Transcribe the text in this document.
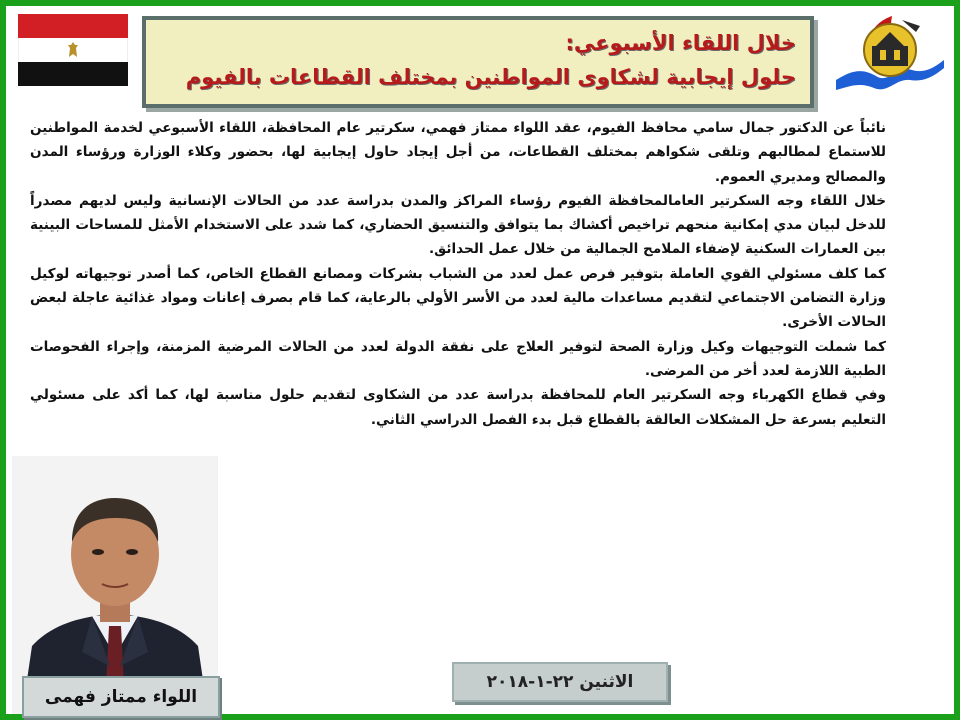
خلال اللقاء الأسبوعي:
حلول إيجابية لشكاوى المواطنين بمختلف القطاعات بالفيوم

نائباً عن الدكتور جمال سامي محافظ الفيوم، عقد اللواء ممتاز فهمي، سكرتير عام المحافظة، اللقاء الأسبوعي لخدمة المواطنين للاستماع لمطالبهم وتلقى شكواهم بمختلف القطاعات، من أجل إيجاد حاول إيجابية لها، بحضور وكلاء الوزارة ورؤساء المدن والمصالح ومديري العموم.

خلال اللقاء وجه السكرتير العامالمحافظة الفيوم رؤساء المراكز والمدن بدراسة عدد من الحالات الإنسانية وليس لديهم مصدراً للدخل لبيان مدي إمكانية منحهم تراخيص أكشاك بما يتوافق والتنسيق الحضاري، كما شدد على الاستخدام الأمثل للمساحات البينية بين العمارات السكنية لإضفاء الملامح الجمالية من خلال عمل الحدائق.

كما كلف مسئولي القوي العاملة بتوفير فرص عمل لعدد من الشباب بشركات ومصانع القطاع الخاص، كما أصدر توجيهاته لوكيل وزارة التضامن الاجتماعي لتقديم مساعدات مالية لعدد من الأسر الأولي بالرعاية، كما قام بصرف إعانات ومواد غذائية عاجلة لبعض الحالات الأخرى.

كما شملت التوجيهات وكيل وزارة الصحة لتوفير العلاج على نفقة الدولة لعدد من الحالات المرضية المزمنة، وإجراء الفحوصات الطبية اللازمة لعدد أخر من المرضى.

وفي قطاع الكهرباء وجه السكرتير العام للمحافظة بدراسة عدد من الشكاوى لتقديم حلول مناسبة لها، كما أكد على مسئولي التعليم بسرعة حل المشكلات العالقة بالقطاع قبل بدء الفصل الدراسي الثاني.

اللواء ممتاز فهمى
الاثنين ٢٢-١-٢٠١٨
